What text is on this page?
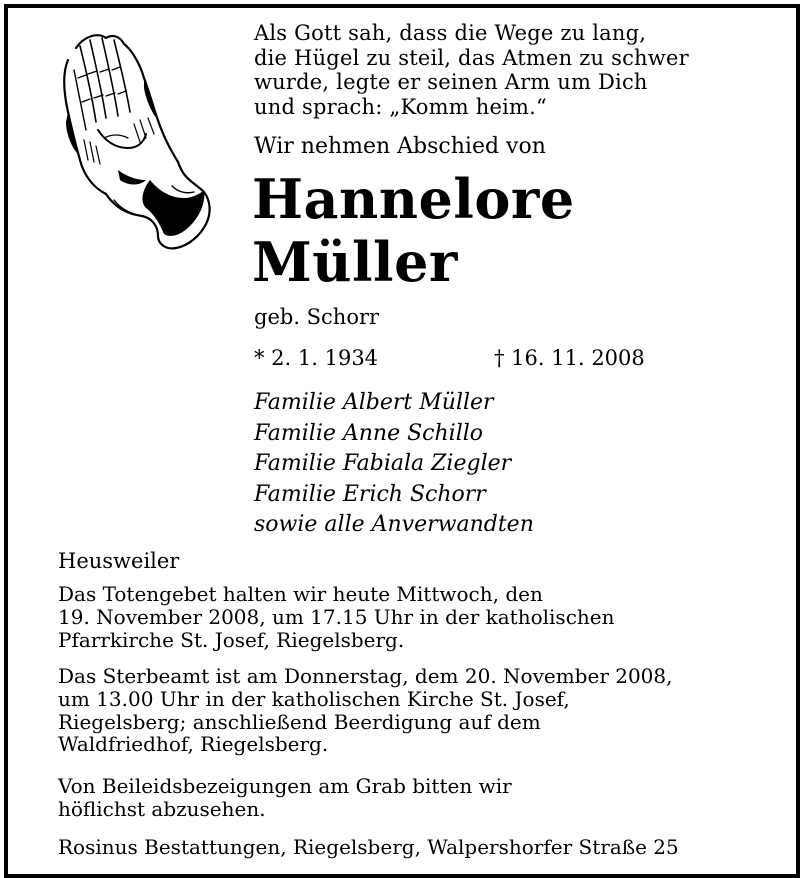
Als Gott sah, dass die Wege zu lang,
die Hügel zu steil, das Atmen zu schwer
wurde, legte er seinen Arm um Dich
und sprach: „Komm heim.“
Wir nehmen Abschied von
Hannelore
Müller
geb. Schorr
* 2. 1. 1934	† 16. 11. 2008
Familie Albert Müller
Familie Anne Schillo
Familie Fabiala Ziegler
Familie Erich Schorr
sowie alle Anverwandten
Heusweiler
Das Totengebet halten wir heute Mittwoch, den
19. November 2008, um 17.15 Uhr in der katholischen
Pfarrkirche St. Josef, Riegelsberg.
Das Sterbeamt ist am Donnerstag, dem 20. November 2008,
um 13.00 Uhr in der katholischen Kirche St. Josef,
Riegelsberg; anschließend Beerdigung auf dem
Waldfriedhof, Riegelsberg.
Von Beileidsbezeigungen am Grab bitten wir
höflichst abzusehen.
Rosinus Bestattungen, Riegelsberg, Walpershorfer Straße 25
